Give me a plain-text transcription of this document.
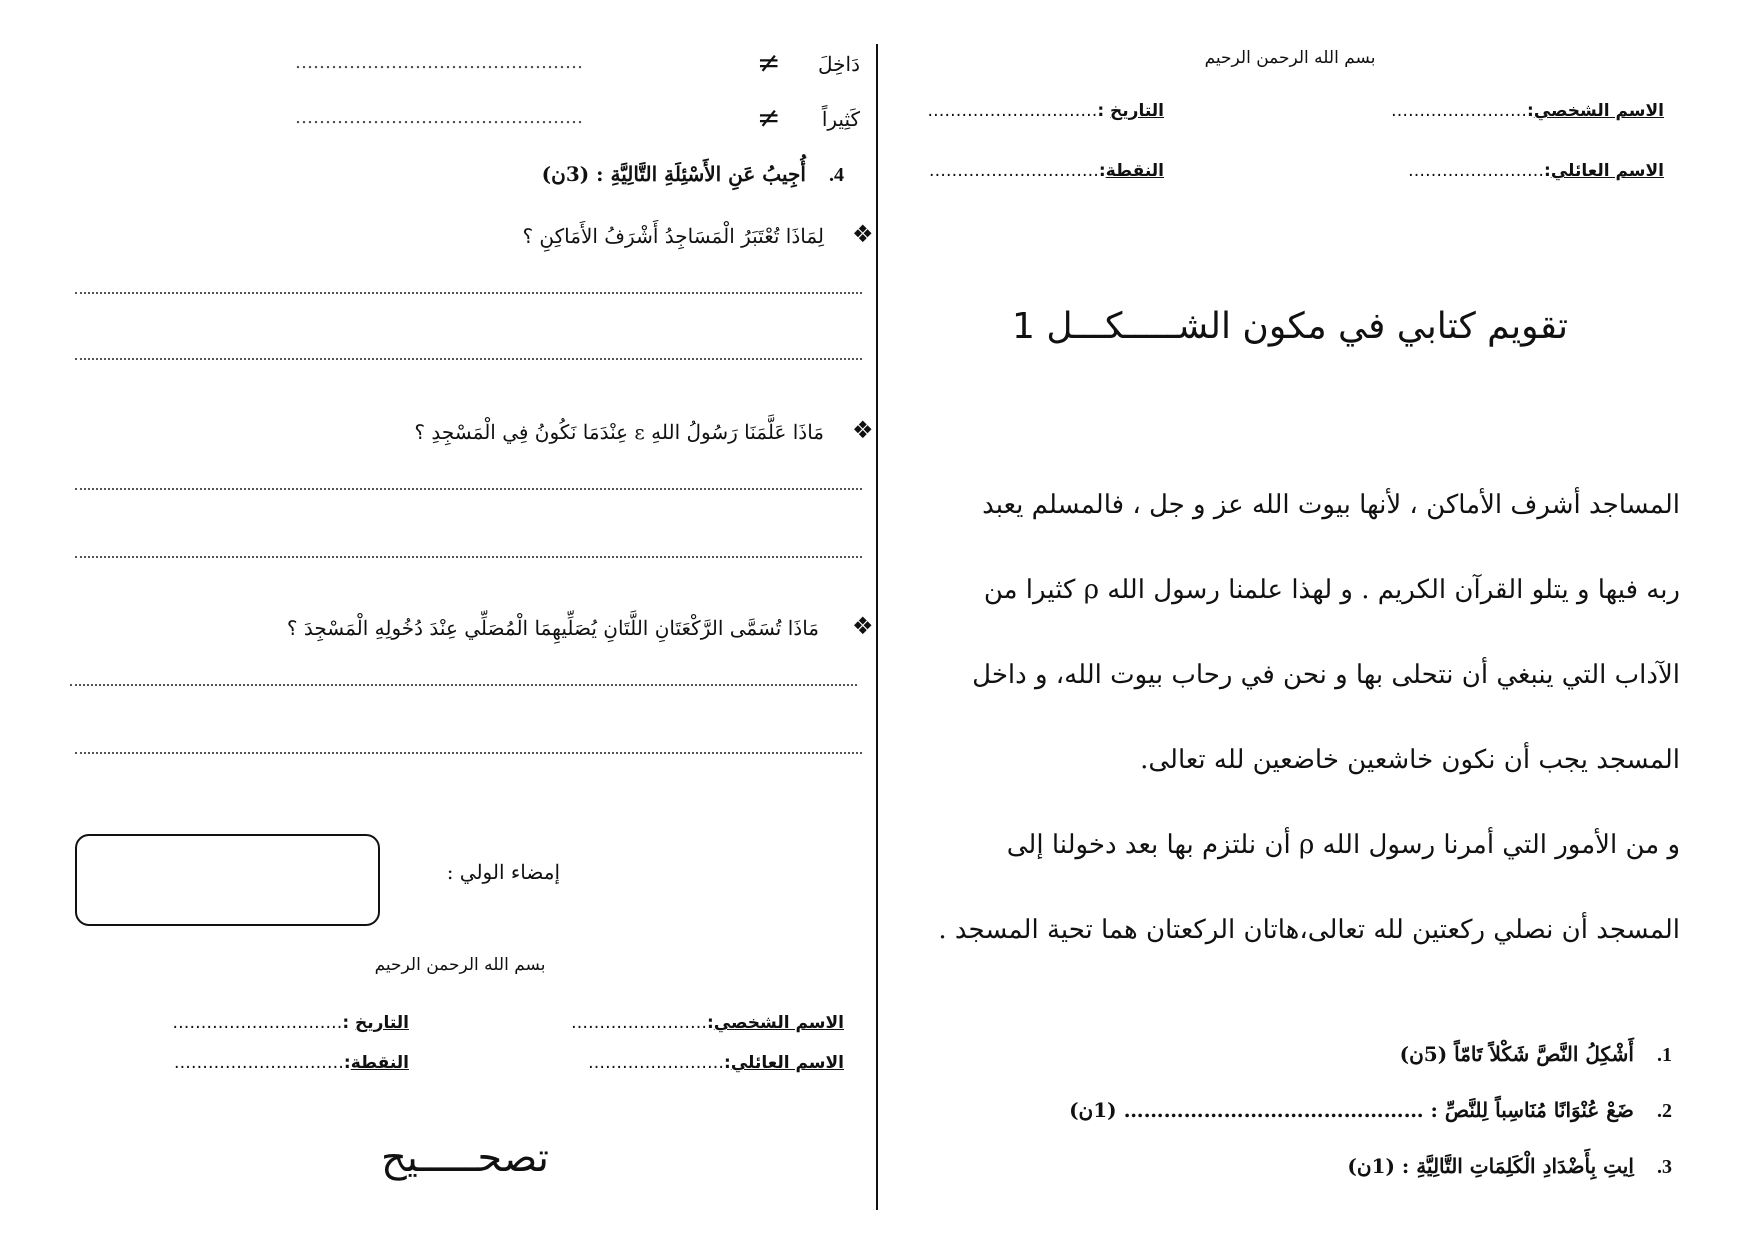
بسم الله الرحمن الرحيم
الاسم الشخصي:……………………
التاريخ :…………………………
الاسم العائلي:……………………
النقطة:…………………………
تقويم كتابي في مكون الشـــــكـــل 1
المساجد أشرف الأماكن ، لأنها بيوت الله عز و جل ، فالمسلم يعبد
ربه فيها و يتلو القرآن الكريم . و لهذا علمنا رسول الله ρ كثيرا من
الآداب التي ينبغي أن نتحلى بها و نحن في رحاب بيوت الله، و داخل
المسجد يجب أن نكون خاشعين خاضعين لله تعالى.
و من الأمور التي أمرنا رسول الله ρ أن نلتزم بها بعد دخولنا إلى
المسجد أن نصلي ركعتين لله تعالى،هاتان الركعتان هما تحية المسجد .
1. أَشْكِلُ النَّصَّ شَكْلاً تَامّاً (5ن)
2. ضَعْ عُنْوَانًا مُنَاسِباً لِلنَّصِّ : ……………………………………… (1ن)
3. اِيتِ بِأَضْدَادِ الْكَلِمَاتِ التَّالِيَّةِ : (1ن)
دَاخِلَ
≠
…………………………………………
كَثِيراً
≠
…………………………………………
4. أُجِيبُ عَنِ الأَسْئِلَةِ التَّالِيَّةِ : (3ن)
❖
لِمَاذَا تُعْتَبَرُ الْمَسَاجِدُ أَشْرَفُ الأَمَاكِنِ ؟
❖
مَاذَا عَلَّمَنَا رَسُولُ اللهِ ε عِنْدَمَا نَكُونُ فِي الْمَسْجِدِ ؟
❖
مَاذَا تُسَمَّى الرَّكْعَتَانِ اللَّتَانِ يُصَلِّيهِمَا الْمُصَلِّي عِنْدَ دُخُولِهِ الْمَسْجِدَ ؟
إمضاء الولي :
بسم الله الرحمن الرحيم
الاسم الشخصي:……………………
التاريخ :…………………………
الاسم العائلي:……………………
النقطة:…………………………
تصحـــــيح
